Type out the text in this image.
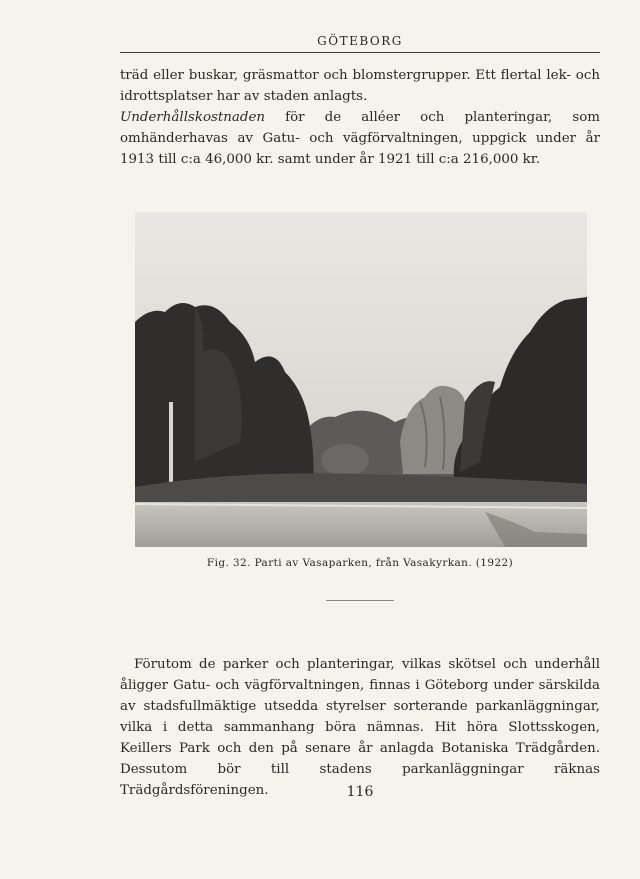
GÖTEBORG

träd eller buskar, gräsmattor och blomstergrupper. Ett flertal lek- och idrottsplatser har av staden anlagts.

Underhållskostnaden för de alléer och planteringar, som omhänderhavas av Gatu- och vägförvaltningen, uppgick under år 1913 till c:a 46,000 kr. samt under år 1921 till c:a 216,000 kr.

Fig. 32. Parti av Vasaparken, från Vasakyrkan. (1922)

Förutom de parker och planteringar, vilkas skötsel och underhåll åligger Gatu- och vägförvaltningen, finnas i Göteborg under särskilda av stadsfullmäktige utsedda styrelser sorterande parkanläggningar, vilka i detta sammanhang böra nämnas. Hit höra Slottsskogen, Keillers Park och den på senare år anlagda Botaniska Trädgården. Dessutom bör till stadens parkanläggningar räknas Trädgårdsföreningen.	116
